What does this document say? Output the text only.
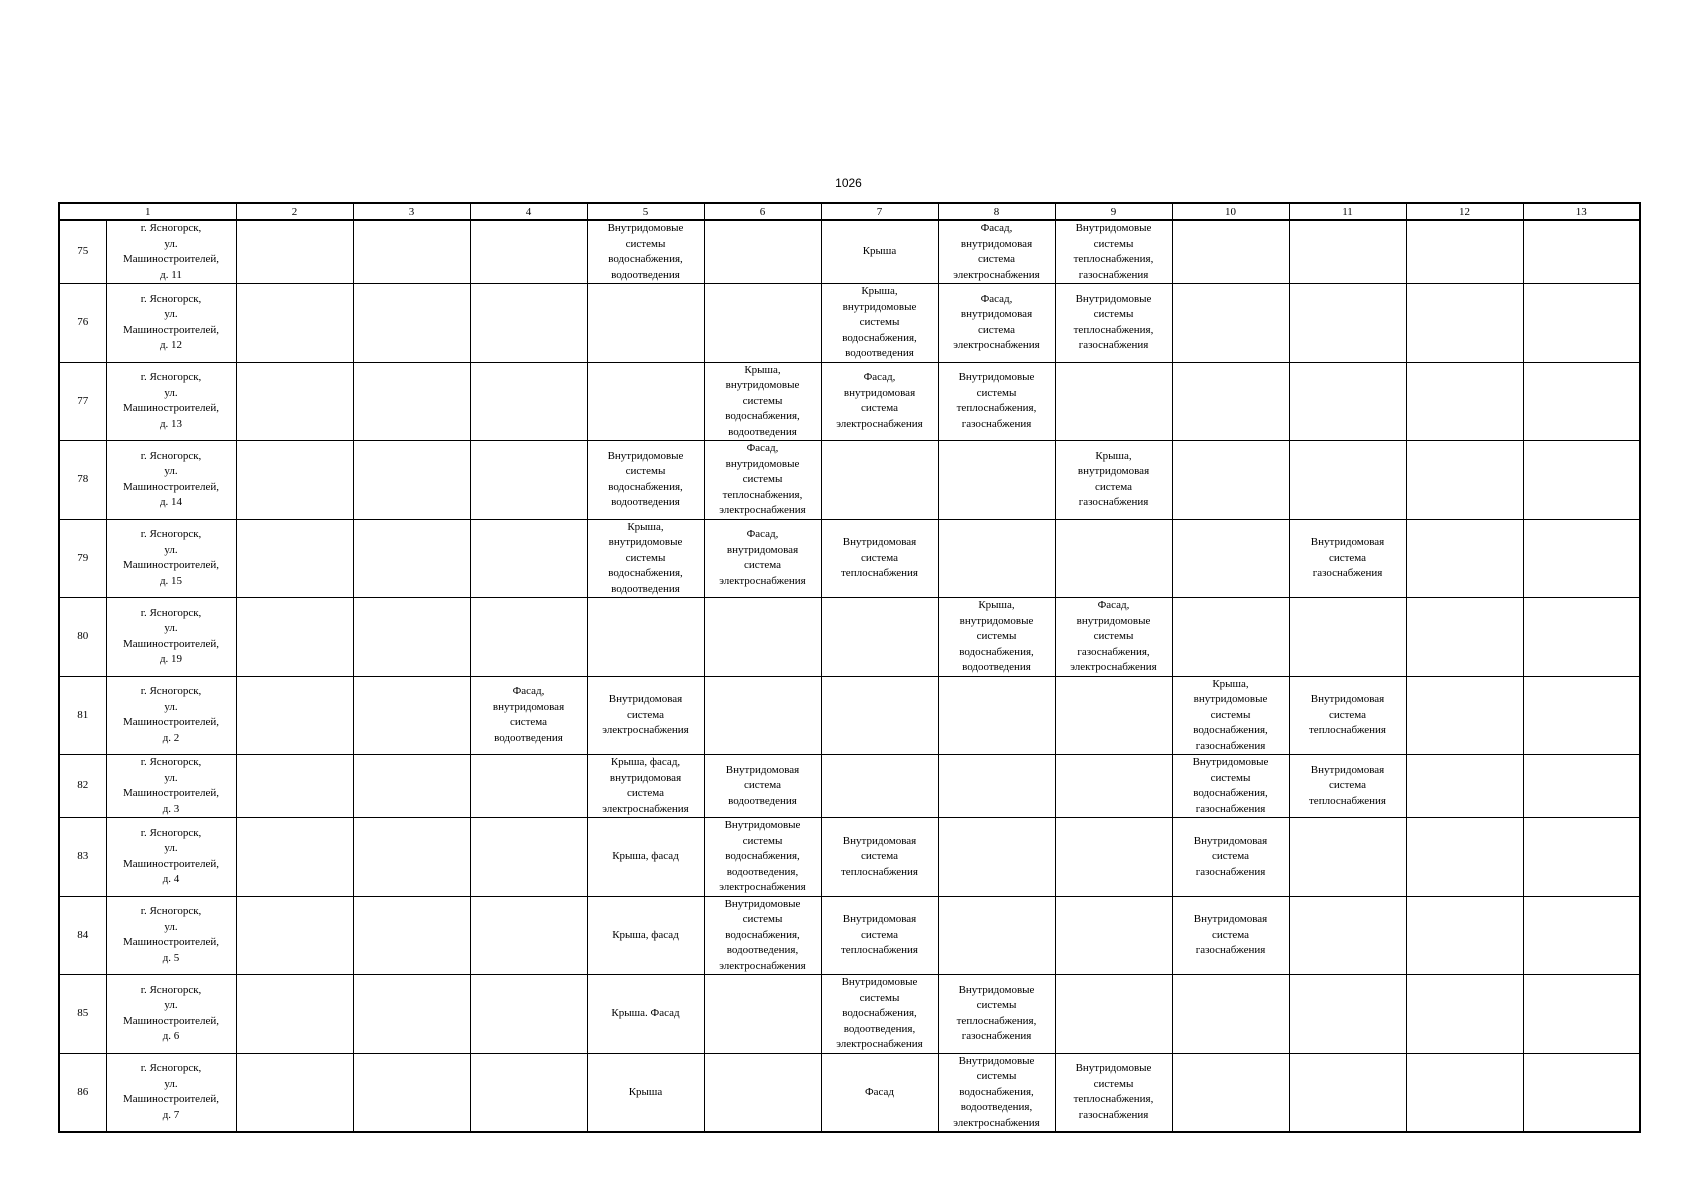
1026
1		2	3	4	5	6	7	8	9	10	11	12	13
75	г. Ясногорск,
ул.
Машиностроителей,
д. 11				Внутридомовые
системы
водоснабжения,
водоотведения		Крыша	Фасад,
внутридомовая
система
электроснабжения	Внутридомовые
системы
теплоснабжения,
газоснабжения				
76	г. Ясногорск,
ул.
Машиностроителей,
д. 12						Крыша,
внутридомовые
системы
водоснабжения,
водоотведения	Фасад,
внутридомовая
система
электроснабжения	Внутридомовые
системы
теплоснабжения,
газоснабжения				
77	г. Ясногорск,
ул.
Машиностроителей,
д. 13					Крыша,
внутридомовые
системы
водоснабжения,
водоотведения	Фасад,
внутридомовая
система
электроснабжения	Внутридомовые
системы
теплоснабжения,
газоснабжения					
78	г. Ясногорск,
ул.
Машиностроителей,
д. 14				Внутридомовые
системы
водоснабжения,
водоотведения	Фасад,
внутридомовые
системы
теплоснабжения,
электроснабжения			Крыша,
внутридомовая
система
газоснабжения				
79	г. Ясногорск,
ул.
Машиностроителей,
д. 15				Крыша,
внутридомовые
системы
водоснабжения,
водоотведения	Фасад,
внутридомовая
система
электроснабжения	Внутридомовая
система
теплоснабжения				Внутридомовая
система
газоснабжения		
80	г. Ясногорск,
ул.
Машиностроителей,
д. 19							Крыша,
внутридомовые
системы
водоснабжения,
водоотведения	Фасад,
внутридомовые
системы
газоснабжения,
электроснабжения				
81	г. Ясногорск,
ул.
Машиностроителей,
д. 2			Фасад,
внутридомовая
система
водоотведения	Внутридомовая
система
электроснабжения					Крыша,
внутридомовые
системы
водоснабжения,
газоснабжения	Внутридомовая
система
теплоснабжения		
82	г. Ясногорск,
ул.
Машиностроителей,
д. 3				Крыша, фасад,
внутридомовая
система
электроснабжения	Внутридомовая
система
водоотведения				Внутридомовые
системы
водоснабжения,
газоснабжения	Внутридомовая
система
теплоснабжения		
83	г. Ясногорск,
ул.
Машиностроителей,
д. 4				Крыша, фасад	Внутридомовые
системы
водоснабжения,
водоотведения,
электроснабжения	Внутридомовая
система
теплоснабжения			Внутридомовая
система
газоснабжения			
84	г. Ясногорск,
ул.
Машиностроителей,
д. 5				Крыша, фасад	Внутридомовые
системы
водоснабжения,
водоотведения,
электроснабжения	Внутридомовая
система
теплоснабжения			Внутридомовая
система
газоснабжения			
85	г. Ясногорск,
ул.
Машиностроителей,
д. 6				Крыша. Фасад		Внутридомовые
системы
водоснабжения,
водоотведения,
электроснабжения	Внутридомовые
системы
теплоснабжения,
газоснабжения					
86	г. Ясногорск,
ул.
Машиностроителей,
д. 7				Крыша		Фасад	Внутридомовые
системы
водоснабжения,
водоотведения,
электроснабжения	Внутридомовые
системы
теплоснабжения,
газоснабжения				
